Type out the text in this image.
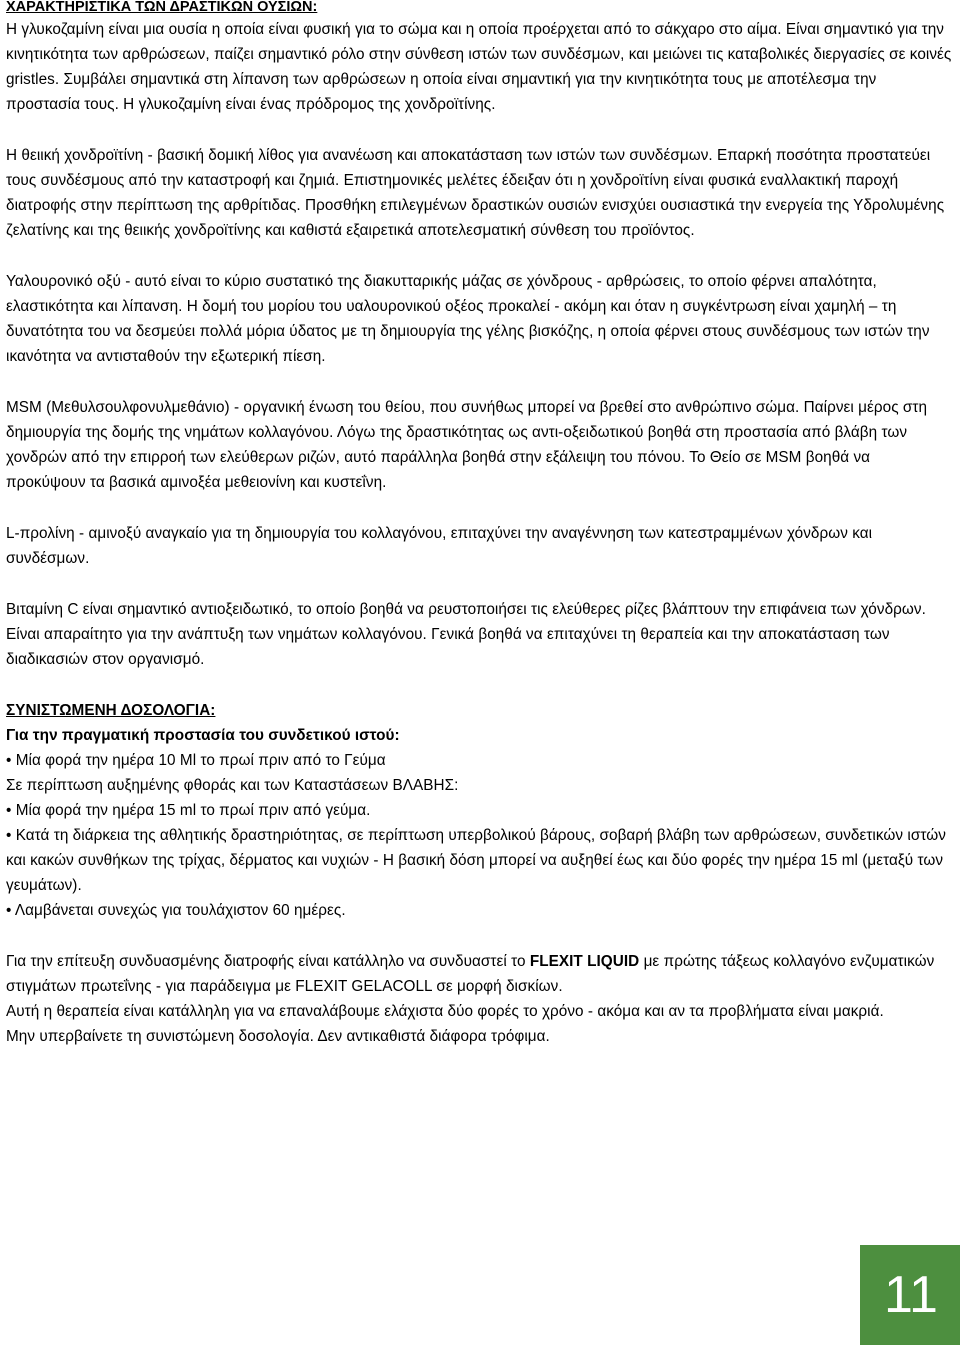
ΧΑΡΑΚΤΗΡΙΣΤΙΚΑ ΤΩΝ ΔΡΑΣΤΙΚΩΝ ΟΥΣΙΩΝ:

Η γλυκοζαμίνη είναι μια ουσία η οποία είναι φυσική για το σώμα και η οποία προέρχεται από το σάκχαρο στο αίμα. Είναι σημαντικό για την κινητικότητα των αρθρώσεων, παίζει σημαντικό ρόλο στην σύνθεση ιστών των συνδέσμων, και μειώνει τις καταβολικές διεργασίες σε κοινές gristles. Συμβάλει σημαντικά στη λίπανση των αρθρώσεων η οποία είναι σημαντική για την κινητικότητα τους με αποτέλεσμα την προστασία τους. Η γλυκοζαμίνη είναι ένας πρόδρομος της χονδροϊτίνης.

Η θειική χονδροϊτίνη - βασική δομική λίθος για ανανέωση και αποκατάσταση των ιστών των συνδέσμων. Επαρκή ποσότητα προστατεύει τους συνδέσμους από την καταστροφή και ζημιά. Επιστημονικές μελέτες έδειξαν ότι η χονδροϊτίνη είναι φυσικά εναλλακτική παροχή διατροφής στην περίπτωση της αρθρίτιδας. Προσθήκη επιλεγμένων δραστικών ουσιών ενισχύει ουσιαστικά την ενεργεία της Υδρολυμένης ζελατίνης και της θειικής χονδροϊτίνης και καθιστά εξαιρετικά αποτελεσματική σύνθεση του προϊόντος.

Υαλουρονικό οξύ - αυτό είναι το κύριο συστατικό της διακυτταρικής μάζας σε χόνδρους - αρθρώσεις, το οποίο φέρνει απαλότητα, ελαστικότητα και λίπανση. Η δομή του μορίου του υαλουρονικού οξέος προκαλεί - ακόμη και όταν η συγκέντρωση είναι χαμηλή – τη δυνατότητα του να δεσμεύει πολλά μόρια ύδατος με τη δημιουργία της γέλης βισκόζης, η οποία φέρνει στους συνδέσμους των ιστών την ικανότητα να αντισταθούν την εξωτερική πίεση.

MSM (Μεθυλσουλφονυλμεθάνιο) - οργανική ένωση του θείου, που συνήθως μπορεί να βρεθεί στο ανθρώπινο σώμα. Παίρνει μέρος στη δημιουργία της δομής της νημάτων κολλαγόνου. Λόγω της δραστικότητας ως αντι-οξειδωτικού βοηθά στη προστασία από βλάβη των χονδρών από την επιρροή των ελεύθερων ριζών, αυτό παράλληλα βοηθά στην εξάλειψη του πόνου. Το Θείο σε MSM βοηθά να προκύψουν τα βασικά αμινοξέα μεθειονίνη και κυστεΐνη.

L-προλίνη - αμινοξύ αναγκαίο για τη δημιουργία του κολλαγόνου, επιταχύνει την αναγέννηση των κατεστραμμένων χόνδρων και συνδέσμων.

Βιταμίνη C είναι σημαντικό αντιοξειδωτικό, το οποίο βοηθά να ρευστοποιήσει τις ελεύθερες ρίζες βλάπτουν την επιφάνεια των χόνδρων. Είναι απαραίτητο για την ανάπτυξη των νημάτων κολλαγόνου. Γενικά βοηθά να επιταχύνει τη θεραπεία και την αποκατάσταση των διαδικασιών στον οργανισμό.

ΣΥΝΙΣΤΩΜΕΝΗ ΔΟΣΟΛΟΓΙΑ:

Για την πραγματική προστασία του συνδετικού ιστού:

• Μία φορά την ημέρα 10 Ml το πρωί πριν από το Γεύμα

Σε περίπτωση αυξημένης φθοράς και των Καταστάσεων ΒΛΑΒΗΣ:

• Μία φορά την ημέρα 15 ml το πρωί πριν από γεύμα.

• Κατά τη διάρκεια της αθλητικής δραστηριότητας, σε περίπτωση υπερβολικού βάρους, σοβαρή βλάβη των αρθρώσεων, συνδετικών ιστών και κακών συνθήκων της τρίχας, δέρματος και νυχιών - Η βασική δόση μπορεί να αυξηθεί έως και δύο φορές την ημέρα 15 ml (μεταξύ των γευμάτων).

• Λαμβάνεται συνεχώς για τουλάχιστον 60 ημέρες.

Για την επίτευξη συνδυασμένης διατροφής είναι κατάλληλο να συνδυαστεί το FLEXIT LIQUID με πρώτης τάξεως κολλαγόνο ενζυματικών στιγμάτων πρωτεΐνης - για παράδειγμα με FLEXIT GELACOLL σε μορφή δισκίων.

Αυτή η θεραπεία είναι κατάλληλη για να επαναλάβουμε ελάχιστα δύο φορές το χρόνο - ακόμα και αν τα προβλήματα είναι μακριά.

Μην υπερβαίνετε τη συνιστώμενη δοσολογία. Δεν αντικαθιστά διάφορα τρόφιμα.

11
